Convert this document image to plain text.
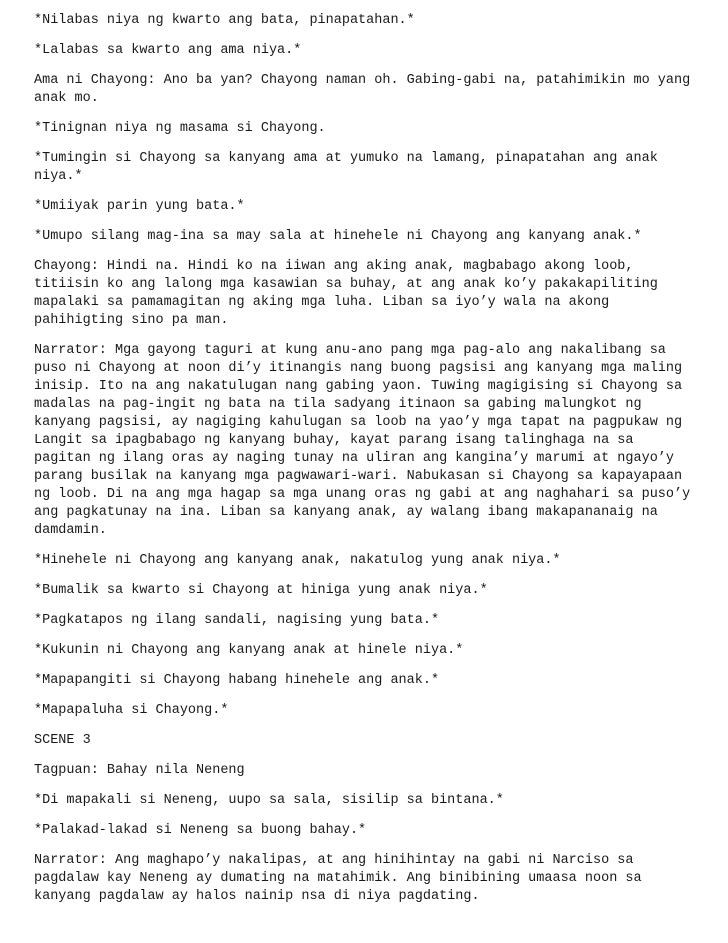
*Nilabas niya ng kwarto ang bata, pinapatahan.*

*Lalabas sa kwarto ang ama niya.*

Ama ni Chayong: Ano ba yan? Chayong naman oh. Gabing-gabi na, patahimikin mo yang
anak mo.

*Tinignan niya ng masama si Chayong.

*Tumingin si Chayong sa kanyang ama at yumuko na lamang, pinapatahan ang anak
niya.*

*Umiiyak parin yung bata.*

*Umupo silang mag-ina sa may sala at hinehele ni Chayong ang kanyang anak.*

Chayong: Hindi na. Hindi ko na iiwan ang aking anak, magbabago akong loob,
titiisin ko ang lalong mga kasawian sa buhay, at ang anak ko’y pakakapiliting
mapalaki sa pamamagitan ng aking mga luha. Liban sa iyo’y wala na akong
pahihigting sino pa man.

Narrator: Mga gayong taguri at kung anu-ano pang mga pag-alo ang nakalibang sa
puso ni Chayong at noon di’y itinangis nang buong pagsisi ang kanyang mga maling
inisip. Ito na ang nakatulugan nang gabing yaon. Tuwing magigising si Chayong sa
madalas na pag-ingit ng bata na tila sadyang itinaon sa gabing malungkot ng
kanyang pagsisi, ay nagiging kahulugan sa loob na yao’y mga tapat na pagpukaw ng
Langit sa ipagbabago ng kanyang buhay, kayat parang isang talinghaga na sa
pagitan ng ilang oras ay naging tunay na uliran ang kangina’y marumi at ngayo’y
parang busilak na kanyang mga pagwawari-wari. Nabukasan si Chayong sa kapayapaan
ng loob. Di na ang mga hagap sa mga unang oras ng gabi at ang naghahari sa puso’y
ang pagkatunay na ina. Liban sa kanyang anak, ay walang ibang makapananaig na
damdamin.

*Hinehele ni Chayong ang kanyang anak, nakatulog yung anak niya.*

*Bumalik sa kwarto si Chayong at hiniga yung anak niya.*

*Pagkatapos ng ilang sandali, nagising yung bata.*

*Kukunin ni Chayong ang kanyang anak at hinele niya.*

*Mapapangiti si Chayong habang hinehele ang anak.*

*Mapapaluha si Chayong.*

SCENE 3

Tagpuan: Bahay nila Neneng

*Di mapakali si Neneng, uupo sa sala, sisilip sa bintana.*

*Palakad-lakad si Neneng sa buong bahay.*

Narrator: Ang maghapo’y nakalipas, at ang hinihintay na gabi ni Narciso sa
pagdalaw kay Neneng ay dumating na matahimik. Ang binibining umaasa noon sa
kanyang pagdalaw ay halos nainip nsa di niya pagdating.
